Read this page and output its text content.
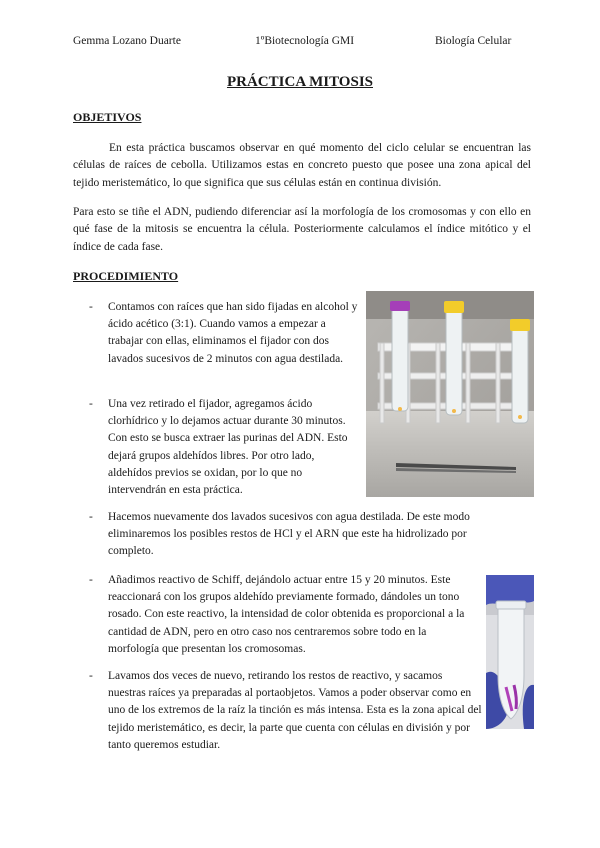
Gemma Lozano Duarte	1ºBiotecnología GMI	Biología Celular
PRÁCTICA MITOSIS
OBJETIVOS
En esta práctica buscamos observar en qué momento del ciclo celular se encuentran las células de raíces de cebolla. Utilizamos estas en concreto puesto que posee una zona apical del tejido meristemático, lo que significa que sus células están en continua división.
Para esto se tiñe el ADN, pudiendo diferenciar así la morfología de los cromosomas y con ello en qué fase de la mitosis se encuentra la célula. Posteriormente calculamos el índice mitótico y el índice de cada fase.
PROCEDIMIENTO
- Contamos con raíces que han sido fijadas en alcohol y ácido acético (3:1). Cuando vamos a empezar a trabajar con ellas, eliminamos el fijador con dos lavados sucesivos de 2 minutos con agua destilada.
- Una vez retirado el fijador, agregamos ácido clorhídrico y lo dejamos actuar durante 30 minutos. Con esto se busca extraer las purinas del ADN. Esto dejará grupos aldehídos libres. Por otro lado, aldehídos previos se oxidan, por lo que no intervendrán en esta práctica.
- Hacemos nuevamente dos lavados sucesivos con agua destilada. De este modo eliminaremos los posibles restos de HCl y el ARN que este ha hidrolizado por completo.
- Añadimos reactivo de Schiff, dejándolo actuar entre 15 y 20 minutos. Este reaccionará con los grupos aldehído previamente formado, dándoles un tono rosado. Con este reactivo, la intensidad de color obtenida es proporcional a la cantidad de ADN, pero en otro caso nos centraremos sobre todo en la morfología que presentan los cromosomas.
- Lavamos dos veces de nuevo, retirando los restos de reactivo, y sacamos nuestras raíces ya preparadas al portaobjetos. Vamos a poder observar como en uno de los extremos de la raíz la tinción es más intensa. Esta es la zona apical del tejido meristemático, es decir, la parte que cuenta con células en división y por tanto queremos estudiar.
